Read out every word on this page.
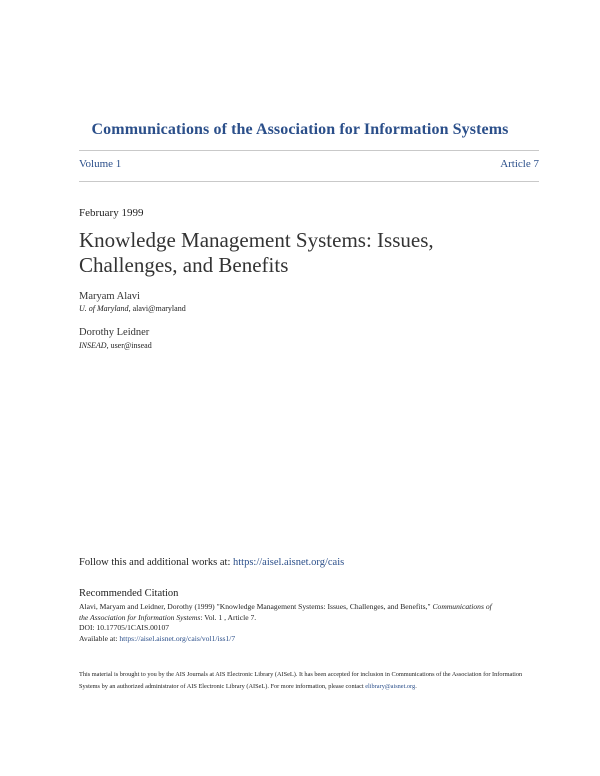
Communications of the Association for Information Systems
Volume 1	Article 7
February 1999
Knowledge Management Systems: Issues,
Challenges, and Benefits
Maryam Alavi
U. of Maryland, alavi@maryland
Dorothy Leidner
INSEAD, user@insead
Follow this and additional works at: https://aisel.aisnet.org/cais
Recommended Citation
Alavi, Maryam and Leidner, Dorothy (1999) "Knowledge Management Systems: Issues, Challenges, and Benefits," Communications of
the Association for Information Systems: Vol. 1 , Article 7.
DOI: 10.17705/1CAIS.00107
Available at: https://aisel.aisnet.org/cais/vol1/iss1/7
This material is brought to you by the AIS Journals at AIS Electronic Library (AISeL). It has been accepted for inclusion in Communications of the Association for Information Systems by an authorized administrator of AIS Electronic Library (AISeL). For more information, please contact elibrary@aisnet.org.
